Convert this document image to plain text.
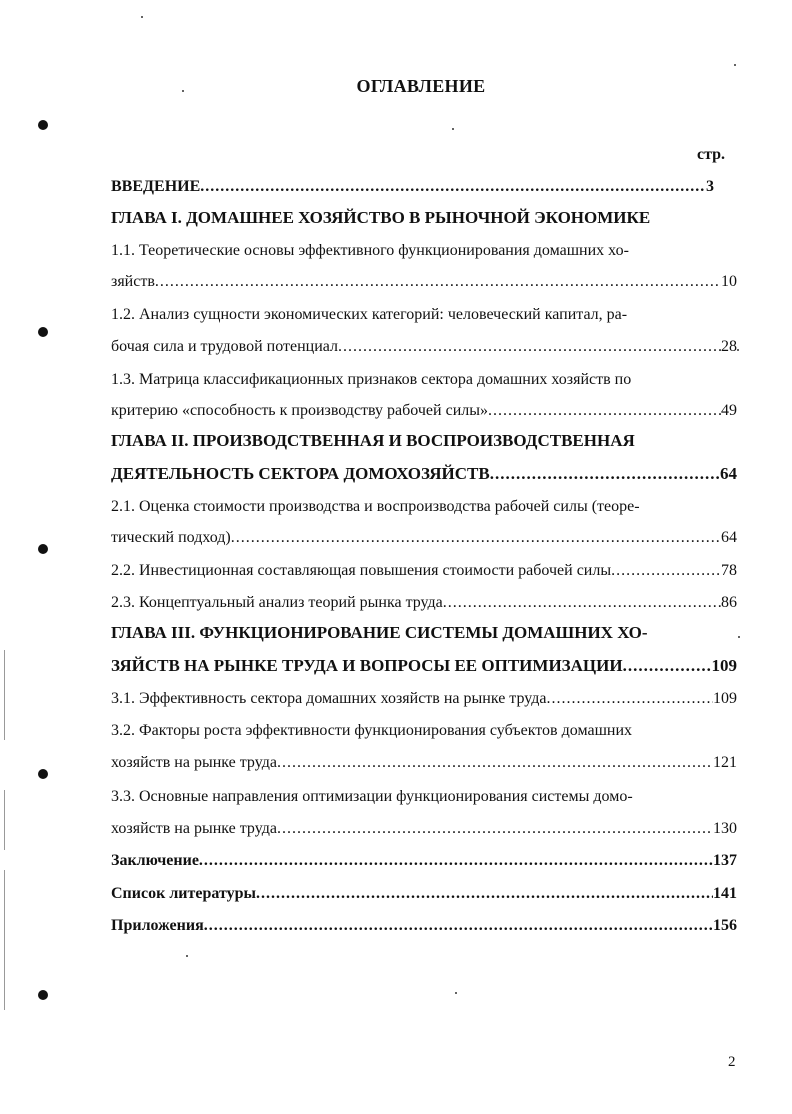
ОГЛАВЛЕНИЕ
стр.
ВВЕДЕНИЕ .....	3
ГЛАВА I. ДОМАШНЕЕ ХОЗЯЙСТВО В РЫНОЧНОЙ ЭКОНОМИКЕ
1.1. Теоретические основы эффективного функционирования домашних хо-
зяйств .....	10
1.2. Анализ сущности экономических категорий: человеческий капитал, ра-
бочая сила и трудовой потенциал .....	28
1.3. Матрица классификационных признаков сектора домашних хозяйств по
критерию «способность к производству рабочей силы» .....	49
ГЛАВА II. ПРОИЗВОДСТВЕННАЯ И ВОСПРОИЗВОДСТВЕННАЯ
ДЕЯТЕЛЬНОСТЬ СЕКТОРА ДОМОХОЗЯЙСТВ .....	64
2.1. Оценка стоимости производства и воспроизводства рабочей силы (теоре-
тический подход) .....	64
2.2. Инвестиционная составляющая повышения стоимости рабочей силы .....	78
2.3. Концептуальный анализ теорий рынка труда .....	86
ГЛАВА III. ФУНКЦИОНИРОВАНИЕ СИСТЕМЫ ДОМАШНИХ ХО-
ЗЯЙСТВ НА РЫНКЕ ТРУДА И ВОПРОСЫ ЕЕ ОПТИМИЗАЦИИ .....	109
3.1. Эффективность сектора домашних хозяйств на рынке труда .....	109
3.2. Факторы роста эффективности функционирования субъектов домашних
хозяйств на рынке труда .....	121
3.3. Основные направления оптимизации функционирования системы домо-
хозяйств на рынке труда .....	130
Заключение .....	137
Список литературы .....	141
Приложения .....	156
2
